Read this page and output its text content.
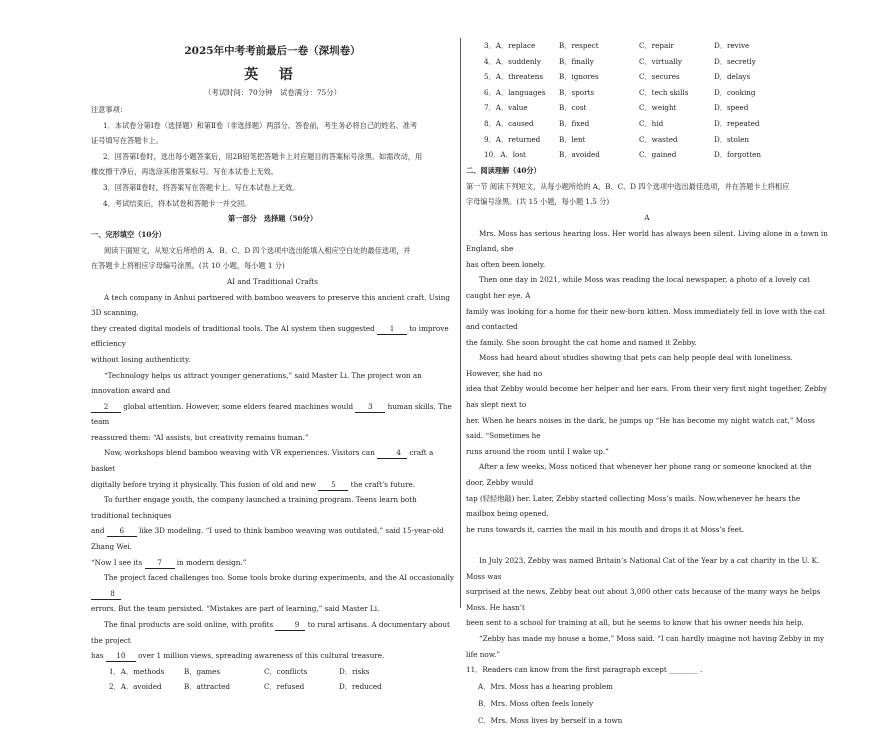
2025年中考考前最后一卷（深圳卷）
英 语
（考试时间：70分钟　试卷满分：75分）

注意事项：

1．本试卷分第Ⅰ卷（选择题）和第Ⅱ卷（非选择题）两部分。答卷前，考生务必将自己的姓名、准考

证号填写在答题卡上。

2．回答第Ⅰ卷时，选出每小题答案后，用2B铅笔把答题卡上对应题目的答案标号涂黑。如需改动，用

橡皮擦干净后，再选涂其他答案标号。写在本试卷上无效。

3．回答第Ⅱ卷时，将答案写在答题卡上。写在本试卷上无效。

4．考试结束后，将本试卷和答题卡一并交回。

第一部分　选择题（50分）

一、完形填空（10分）

阅读下面短文，从短文后所给的 A、B、C、D 四个选项中选出能填入相应空白处的最佳选项，并

在答题卡上将相应字母编号涂黑。(共 10 小题，每小题 1 分)

AI and Traditional Crafts

A tech company in Anhui partnered with bamboo weavers to preserve this ancient craft. Using 3D scanning,

they created digital models of traditional tools. The AI system then suggested 1 to improve efficiency

without losing authenticity.

“Technology helps us attract younger generations,” said Master Li. The project won an innovation award and

2 global attention. However, some elders feared machines would 3 human skills. The team

reassured them: “AI assists, but creativity remains human.”

Now, workshops blend bamboo weaving with VR experiences. Visitors can	4 craft a basket

digitally before trying it physically. This fusion of old and new 5 the craft’s future.

To further engage youth, the company launched a training program. Teens learn both traditional techniques

and 6 like 3D modeling. “I used to think bamboo weaving was outdated,” said 15-year-old Zhang Wei.

“Now I see its 7 in modern design.”

The project faced challenges too. Some tools broke during experiments, and the AI occasionally 8

errors. But the team persisted. “Mistakes are part of learning,” said Master Li.

The final products are sold online, with profits	9 to rural artisans. A documentary about the project

has 10 over 1 million views, spreading awareness of this cultural treasure.

1．A．methods	B．games	C．conflicts	D．risks
2．A．avoided	B．attracted	C．refused	D．reduced
3．A．replace	B．respect	C．repair	D．revive
4．A．suddenly	B．finally	C．virtually	D．secretly
5．A．threatens	B．ignores	C．secures	D．delays
6．A．languages	B．sports	C．tech skills	D．cooking
7．A．value	B．cost	C．weight	D．speed
8．A．caused	B．fixed	C．hid	D．repeated
9．A．returned	B．lent	C．wasted	D．stolen
10．A．lost	B．avoided	C．gained	D．forgotten

二、阅读理解（40分）

第一节 阅读下列短文，从每小题所给的 A、B、C、D 四个选项中选出最佳选项，并在答题卡上将相应

字母编号涂黑。(共 15 小题，每小题 1.5 分)

A

Mrs. Moss has serious hearing loss. Her world has always been silent. Living alone in a town in England, she

has often been lonely.

Then one day in 2021, while Moss was reading the local newspaper, a photo of a lovely cat caught her eye. A

family was looking for a home for their new-born kitten. Moss immediately fell in love with the cat and contacted

the family. She soon brought the cat home and named it Zebby.

Moss had heard about studies showing that pets can help people deal with loneliness. However, she had no

idea that Zebby would become her helper and her ears. From their very first night together, Zebby has slept next to

her. When he hears noises in the dark, he jumps up “He has become my night watch cat,” Moss said. “Sometimes he

runs around the room until I wake up.”

After a few weeks, Moss noticed that whenever her phone rang or someone knocked at the door, Zebby would

tap (轻轻地敲) her. Later, Zebby started collecting Moss’s mails. Now,whenever he hears the mailbox being opened,

he runs towards it, carries the mail in his mouth and drops it at Moss’s feet.

In July 2023, Zebby was named Britain’s National Cat of the Year by a cat charity in the U. K. Moss was

surprised at the news, Zebby beat out about 3,000 other cats because of the many ways he helps Moss. He hasn’t

been sent to a school for training at all, but he seems to know that his owner needs his help.

“Zebby has made my house a home,” Moss said. “I can hardly imagine not having Zebby in my life now.”

11．Readers can know from the first paragraph except ________ .

A．Mrs. Moss has a hearing problem

B．Mrs. Moss often feels lonely

C．Mrs. Moss lives by herself in a town
